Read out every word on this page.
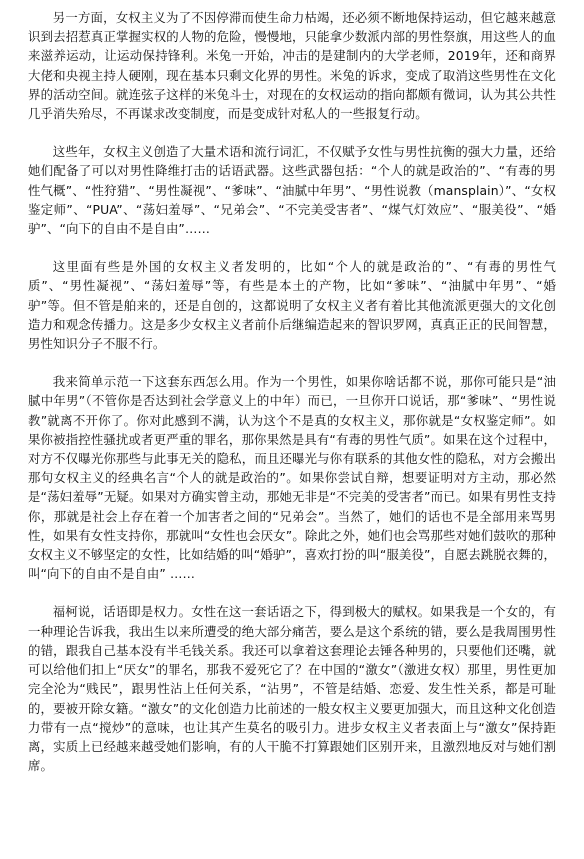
另一方面，女权主义为了不因停滞而使生命力枯竭，还必须不断地保持运动，但它越来越意识到去招惹真正掌握实权的人物的危险，慢慢地，只能拿少数派内部的男性祭旗，用这些人的血来滋养运动，让运动保持锋利。米兔一开始，冲击的是建制内的大学老师，2019年，还和商界大佬和央视主持人硬刚，现在基本只剩文化界的男性。米兔的诉求，变成了取消这些男性在文化界的活动空间。就连弦子这样的米兔斗士，对现在的女权运动的指向都颇有微词，认为其公共性几乎消失殆尽，不再谋求改变制度，而是变成针对私人的一些报复行动。

这些年，女权主义创造了大量术语和流行词汇，不仅赋予女性与男性抗衡的强大力量，还给她们配备了可以对男性降维打击的话语武器。这些武器包括：“个人的就是政治的”、“有毒的男性气概”、“性狩猎”、“男性凝视”、“爹味”、“油腻中年男”、“男性说教（mansplain）”、“女权鉴定师”、“PUA”、“荡妇羞辱”、“兄弟会”、“不完美受害者”、“煤气灯效应”、“服美役”、“婚驴”、“向下的自由不是自由”……

这里面有些是外国的女权主义者发明的，比如“个人的就是政治的”、“有毒的男性气质”、“男性凝视”、“荡妇羞辱”等，有些是本土的产物，比如“爹味”、“油腻中年男”、“婚驴”等。但不管是舶来的，还是自创的，这都说明了女权主义者有着比其他流派更强大的文化创造力和观念传播力。这是多少女权主义者前仆后继编造起来的智识罗网，真真正正的民间智慧，男性知识分子不服不行。

我来简单示范一下这套东西怎么用。作为一个男性，如果你啥话都不说，那你可能只是“油腻中年男”（不管你是否达到社会学意义上的中年）而已，一旦你开口说话，那“爹味”、“男性说教”就离不开你了。你对此感到不满，认为这个不是真的女权主义，那你就是“女权鉴定师”。如果你被指控性骚扰或者更严重的罪名，那你果然是具有“有毒的男性气质”。如果在这个过程中，对方不仅曝光你那些与此事无关的隐私，而且还曝光与你有联系的其他女性的隐私，对方会搬出那句女权主义的经典名言“个人的就是政治的”。如果你尝试自辩，想要证明对方主动，那必然是“荡妇羞辱”无疑。如果对方确实曾主动，那她无非是“不完美的受害者”而已。如果有男性支持你，那就是社会上存在着一个加害者之间的“兄弟会”。当然了，她们的话也不是全部用来骂男性，如果有女性支持你，那就叫“女性也会厌女”。除此之外，她们也会骂那些对她们鼓吹的那种女权主义不够坚定的女性，比如结婚的叫“婚驴”，喜欢打扮的叫“服美役”，自愿去跳脱衣舞的，叫“向下的自由不是自由” ……

福柯说，话语即是权力。女性在这一套话语之下，得到极大的赋权。如果我是一个女的，有一种理论告诉我，我出生以来所遭受的绝大部分痛苦，要么是这个系统的错，要么是我周围男性的错，跟我自己基本没有半毛钱关系。我还可以拿着这套理论去锤各种男的，只要他们还嘴，就可以给他们扣上“厌女”的罪名，那我不爱死它了？在中国的“激女”（激进女权）那里，男性更加完全沦为“贱民”，跟男性沾上任何关系，“沾男”，不管是结婚、恋爱、发生性关系，都是可耻的，要被开除女籍。“激女”的文化创造力比前述的一般女权主义要更加强大，而且这种文化创造力带有一点“搅炒”的意味，也让其产生莫名的吸引力。进步女权主义者表面上与“激女”保持距离，实质上已经越来越受她们影响，有的人干脆不打算跟她们区别开来，且激烈地反对与她们割席。
